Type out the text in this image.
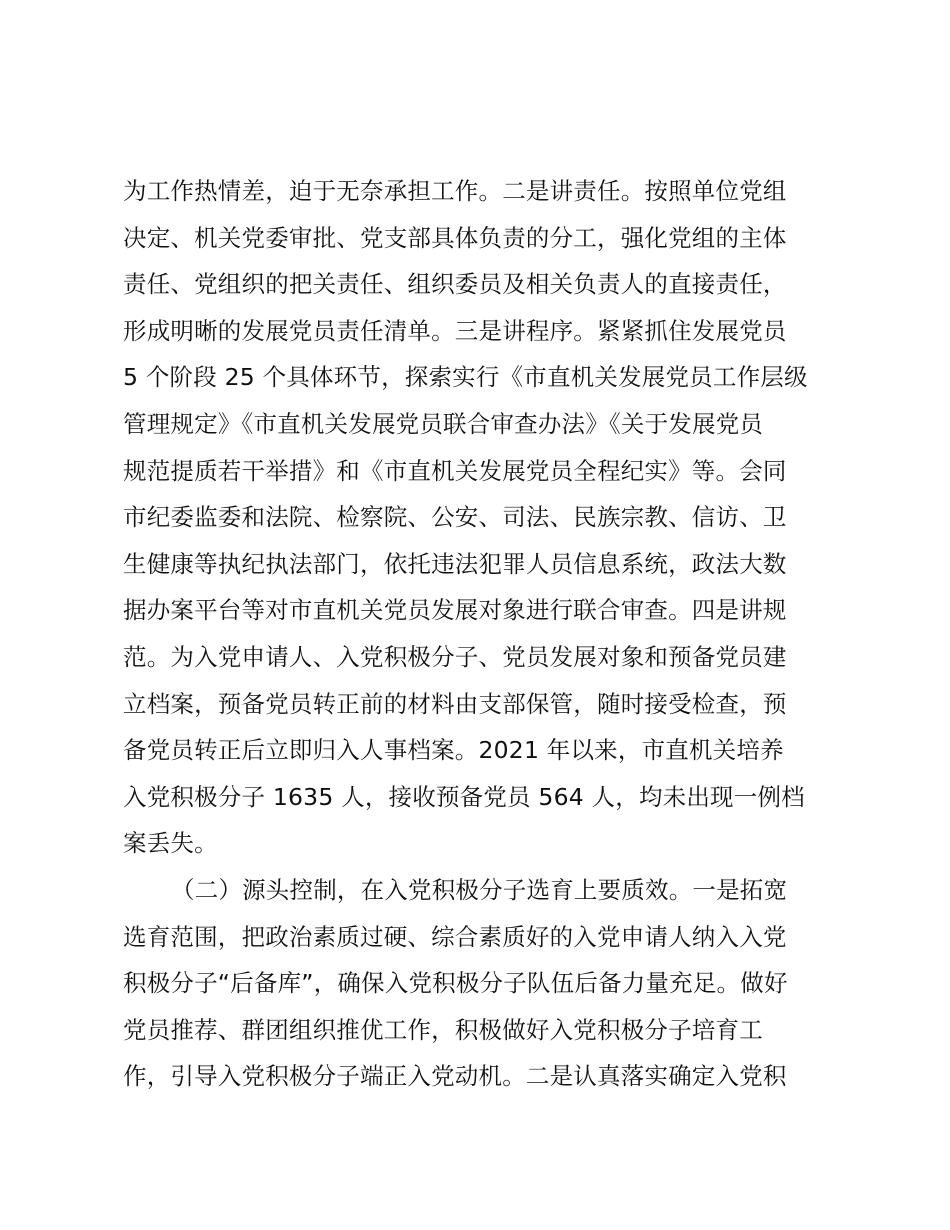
为工作热情差，迫于无奈承担工作。二是讲责任。按照单位党组
决定、机关党委审批、党支部具体负责的分工，强化党组的主体
责任、党组织的把关责任、组织委员及相关负责人的直接责任，
形成明晰的发展党员责任清单。三是讲程序。紧紧抓住发展党员
5 个阶段 25 个具体环节，探索实行《市直机关发展党员工作层级
管理规定》《市直机关发展党员联合审查办法》《关于发展党员
规范提质若干举措》和《市直机关发展党员全程纪实》等。会同
市纪委监委和法院、检察院、公安、司法、民族宗教、信访、卫
生健康等执纪执法部门，依托违法犯罪人员信息系统，政法大数
据办案平台等对市直机关党员发展对象进行联合审查。四是讲规
范。为入党申请人、入党积极分子、党员发展对象和预备党员建
立档案，预备党员转正前的材料由支部保管，随时接受检查，预
备党员转正后立即归入人事档案。2021 年以来，市直机关培养
入党积极分子 1635 人，接收预备党员 564 人，均未出现一例档
案丢失。
（二）源头控制，在入党积极分子选育上要质效。一是拓宽
选育范围，把政治素质过硬、综合素质好的入党申请人纳入入党
积极分子“后备库”，确保入党积极分子队伍后备力量充足。做好
党员推荐、群团组织推优工作，积极做好入党积极分子培育工
作，引导入党积极分子端正入党动机。二是认真落实确定入党积
